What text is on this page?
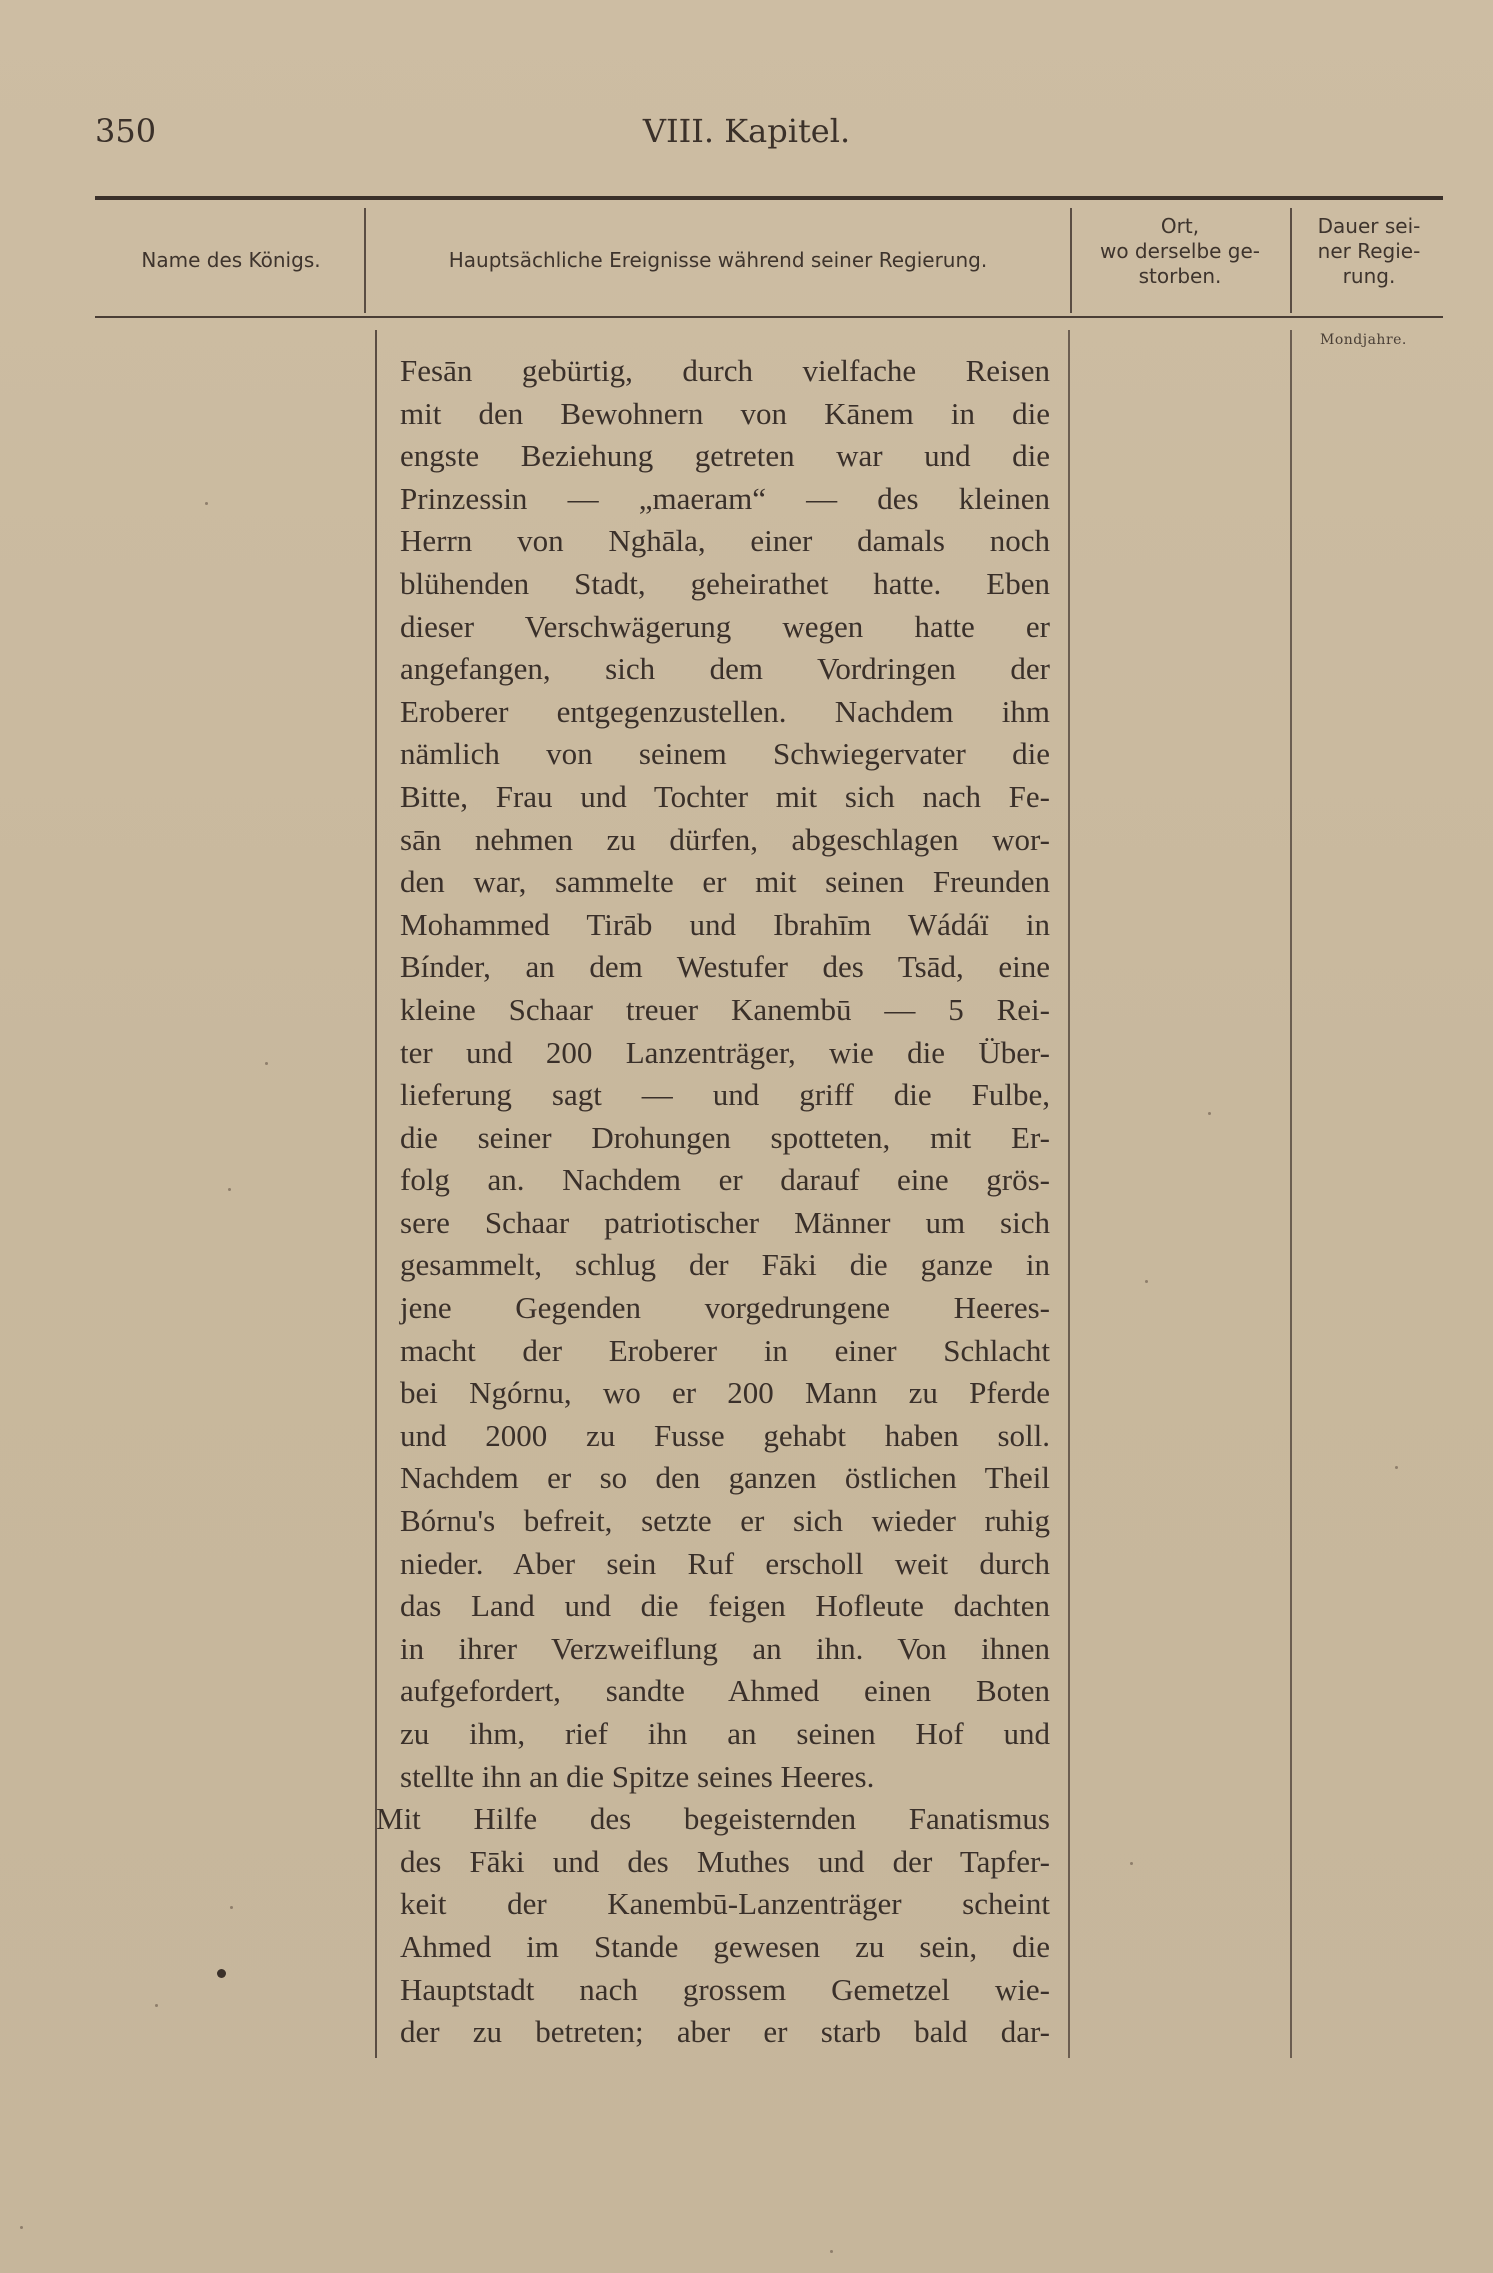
350	VIII. Kapitel.
Name des Königs.	Hauptsächliche Ereignisse während seiner Regierung.
Ort,
wo derselbe ge-
storben.
Dauer sei-
ner Regie-
rung.
Mondjahre.
Fesān gebürtig, durch vielfache Reisen
mit den Bewohnern von Kānem in die
engste Beziehung getreten war und die
Prinzessin — „maeram“ — des kleinen
Herrn von Nghāla, einer damals noch
blühenden Stadt, geheirathet hatte. Eben
dieser Verschwägerung wegen hatte er
angefangen, sich dem Vordringen der
Eroberer entgegenzustellen. Nachdem ihm
nämlich von seinem Schwiegervater die
Bitte, Frau und Tochter mit sich nach Fe-
sān nehmen zu dürfen, abgeschlagen wor-
den war, sammelte er mit seinen Freunden
Mohammed Tirāb und Ibrahīm Wádáï in
Bínder, an dem Westufer des Tsād, eine
kleine Schaar treuer Kanembū — 5 Rei-
ter und 200 Lanzenträger, wie die Über-
lieferung sagt — und griff die Fulbe,
die seiner Drohungen spotteten, mit Er-
folg an. Nachdem er darauf eine grös-
sere Schaar patriotischer Männer um sich
gesammelt, schlug der Fāki die ganze in
jene Gegenden vorgedrungene Heeres-
macht der Eroberer in einer Schlacht
bei Ngórnu, wo er 200 Mann zu Pferde
und 2000 zu Fusse gehabt haben soll.
Nachdem er so den ganzen östlichen Theil
Bórnu's befreit, setzte er sich wieder ruhig
nieder. Aber sein Ruf erscholl weit durch
das Land und die feigen Hofleute dachten
in ihrer Verzweiflung an ihn. Von ihnen
aufgefordert, sandte Ahmed einen Boten
zu ihm, rief ihn an seinen Hof und
stellte ihn an die Spitze seines Heeres.
Mit Hilfe des begeisternden Fanatismus
des Fāki und des Muthes und der Tapfer-
keit der Kanembū-Lanzenträger scheint
Ahmed im Stande gewesen zu sein, die
Hauptstadt nach grossem Gemetzel wie-
der zu betreten; aber er starb bald dar-
